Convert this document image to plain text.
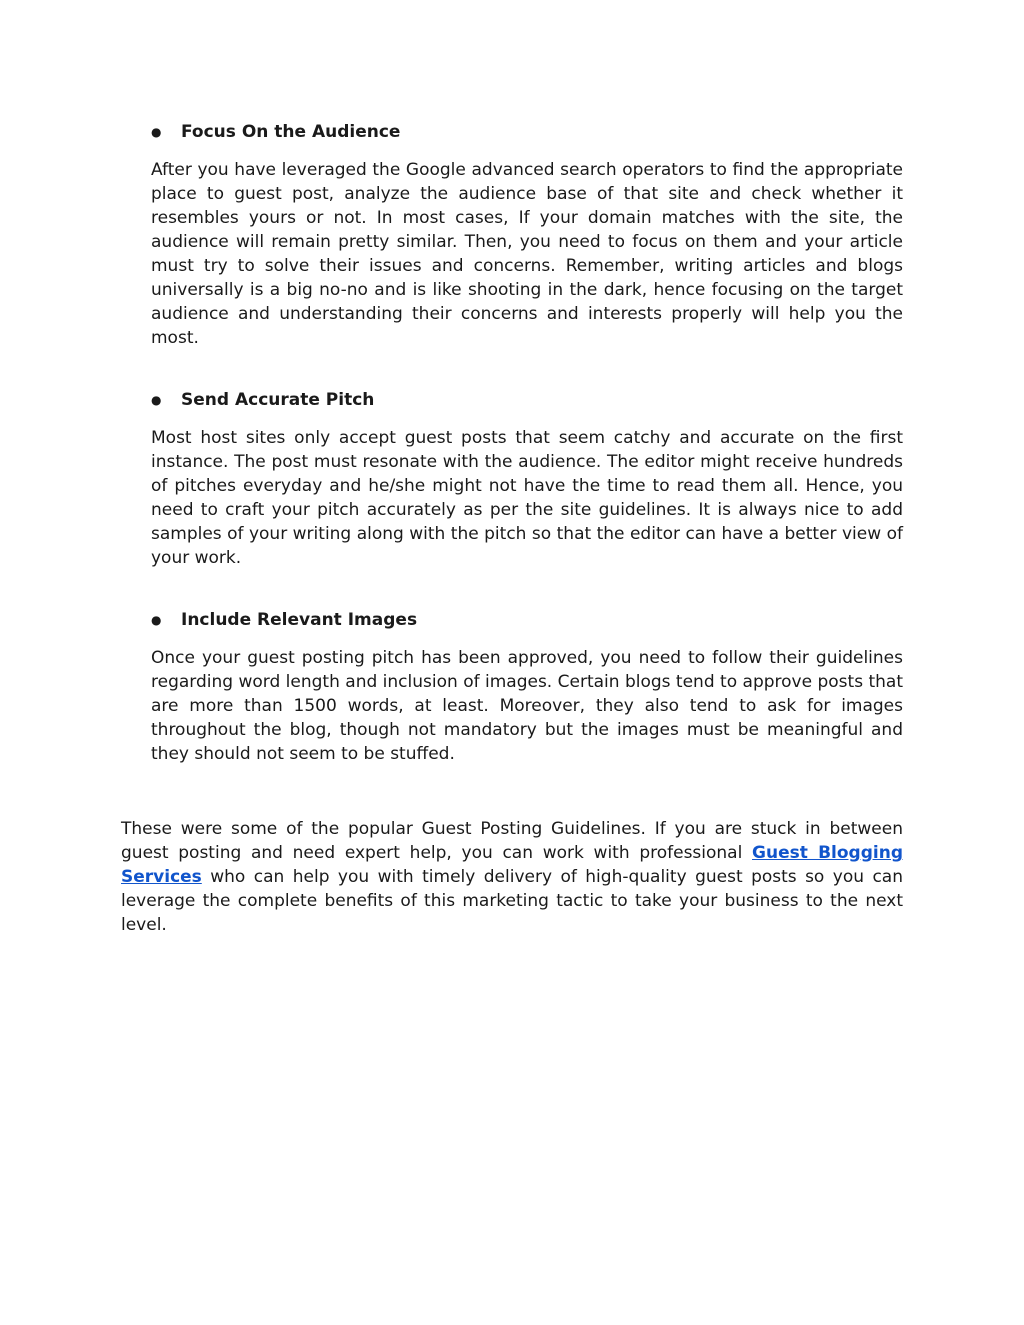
● Focus On the Audience

After you have leveraged the Google advanced search operators to find the appropriate place to guest post, analyze the audience base of that site and check whether it resembles yours or not. In most cases, If your domain matches with the site, the audience will remain pretty similar. Then, you need to focus on them and your article must try to solve their issues and concerns. Remember, writing articles and blogs universally is a big no-no and is like shooting in the dark, hence focusing on the target audience and understanding their concerns and interests properly will help you the most.

● Send Accurate Pitch

Most host sites only accept guest posts that seem catchy and accurate on the first instance. The post must resonate with the audience. The editor might receive hundreds of pitches everyday and he/she might not have the time to read them all. Hence, you need to craft your pitch accurately as per the site guidelines. It is always nice to add samples of your writing along with the pitch so that the editor can have a better view of your work.

● Include Relevant Images

Once your guest posting pitch has been approved, you need to follow their guidelines regarding word length and inclusion of images. Certain blogs tend to approve posts that are more than 1500 words, at least. Moreover, they also tend to ask for images throughout the blog, though not mandatory but the images must be meaningful and they should not seem to be stuffed.

These were some of the popular Guest Posting Guidelines. If you are stuck in between guest posting and need expert help, you can work with professional Guest Blogging Services who can help you with timely delivery of high-quality guest posts so you can leverage the complete benefits of this marketing tactic to take your business to the next level.
